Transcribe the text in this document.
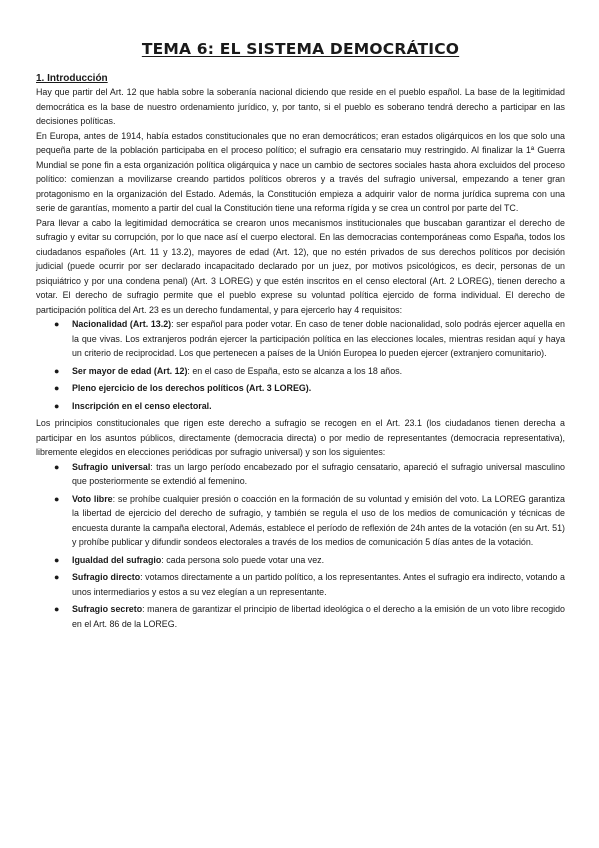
TEMA 6: EL SISTEMA DEMOCRÁTICO
1. Introducción

Hay que partir del Art. 12 que habla sobre la soberanía nacional diciendo que reside en el pueblo español. La base de la legitimidad democrática es la base de nuestro ordenamiento jurídico, y, por tanto, si el pueblo es soberano tendrá derecho a participar en las decisiones políticas.

En Europa, antes de 1914, había estados constitucionales que no eran democráticos; eran estados oligárquicos en los que solo una pequeña parte de la población participaba en el proceso político; el sufragio era censatario muy restringido. Al finalizar la 1ª Guerra Mundial se pone fin a esta organización política oligárquica y nace un cambio de sectores sociales hasta ahora excluidos del proceso político: comienzan a movilizarse creando partidos políticos obreros y a través del sufragio universal, empezando a tener gran protagonismo en la organización del Estado. Además, la Constitución empieza a adquirir valor de norma jurídica suprema con una serie de garantías, momento a partir del cual la Constitución tiene una reforma rígida y se crea un control por parte del TC.

Para llevar a cabo la legitimidad democrática se crearon unos mecanismos institucionales que buscaban garantizar el derecho de sufragio y evitar su corrupción, por lo que nace así el cuerpo electoral. En las democracias contemporáneas como España, todos los ciudadanos españoles (Art. 11 y 13.2), mayores de edad (Art. 12), que no estén privados de sus derechos políticos por decisión judicial (puede ocurrir por ser declarado incapacitado declarado por un juez, por motivos psicológicos, es decir, personas de un psiquiátrico y por una condena penal) (Art. 3 LOREG) y que estén inscritos en el censo electoral (Art. 2 LOREG), tienen derecho a votar. El derecho de sufragio permite que el pueblo exprese su voluntad política ejercido de forma individual. El derecho de participación política del Art. 23 es un derecho fundamental, y para ejercerlo hay 4 requisitos:

● Nacionalidad (Art. 13.2): ser español para poder votar. En caso de tener doble nacionalidad, solo podrás ejercer aquella en la que vivas. Los extranjeros podrán ejercer la participación política en las elecciones locales, mientras residan aquí y haya un criterio de reciprocidad. Los que pertenecen a países de la Unión Europea lo pueden ejercer (extranjero comunitario).
● Ser mayor de edad (Art. 12): en el caso de España, esto se alcanza a los 18 años.
● Pleno ejercicio de los derechos políticos (Art. 3 LOREG).
● Inscripción en el censo electoral.

Los principios constitucionales que rigen este derecho a sufragio se recogen en el Art. 23.1 (los ciudadanos tienen derecha a participar en los asuntos públicos, directamente (democracia directa) o por medio de representantes (democracia representativa), libremente elegidos en elecciones periódicas por sufragio universal) y son los siguientes:

● Sufragio universal: tras un largo período encabezado por el sufragio censatario, apareció el sufragio universal masculino que posteriormente se extendió al femenino.
● Voto libre: se prohíbe cualquier presión o coacción en la formación de su voluntad y emisión del voto. La LOREG garantiza la libertad de ejercicio del derecho de sufragio, y también se regula el uso de los medios de comunicación y técnicas de encuesta durante la campaña electoral, Además, establece el período de reflexión de 24h antes de la votación (en su Art. 51) y prohíbe publicar y difundir sondeos electorales a través de los medios de comunicación 5 días antes de la votación.
● Igualdad del sufragio: cada persona solo puede votar una vez.
● Sufragio directo: votamos directamente a un partido político, a los representantes. Antes el sufragio era indirecto, votando a unos intermediarios y estos a su vez elegían a un representante.
● Sufragio secreto: manera de garantizar el principio de libertad ideológica o el derecho a la emisión de un voto libre recogido en el Art. 86 de la LOREG.
